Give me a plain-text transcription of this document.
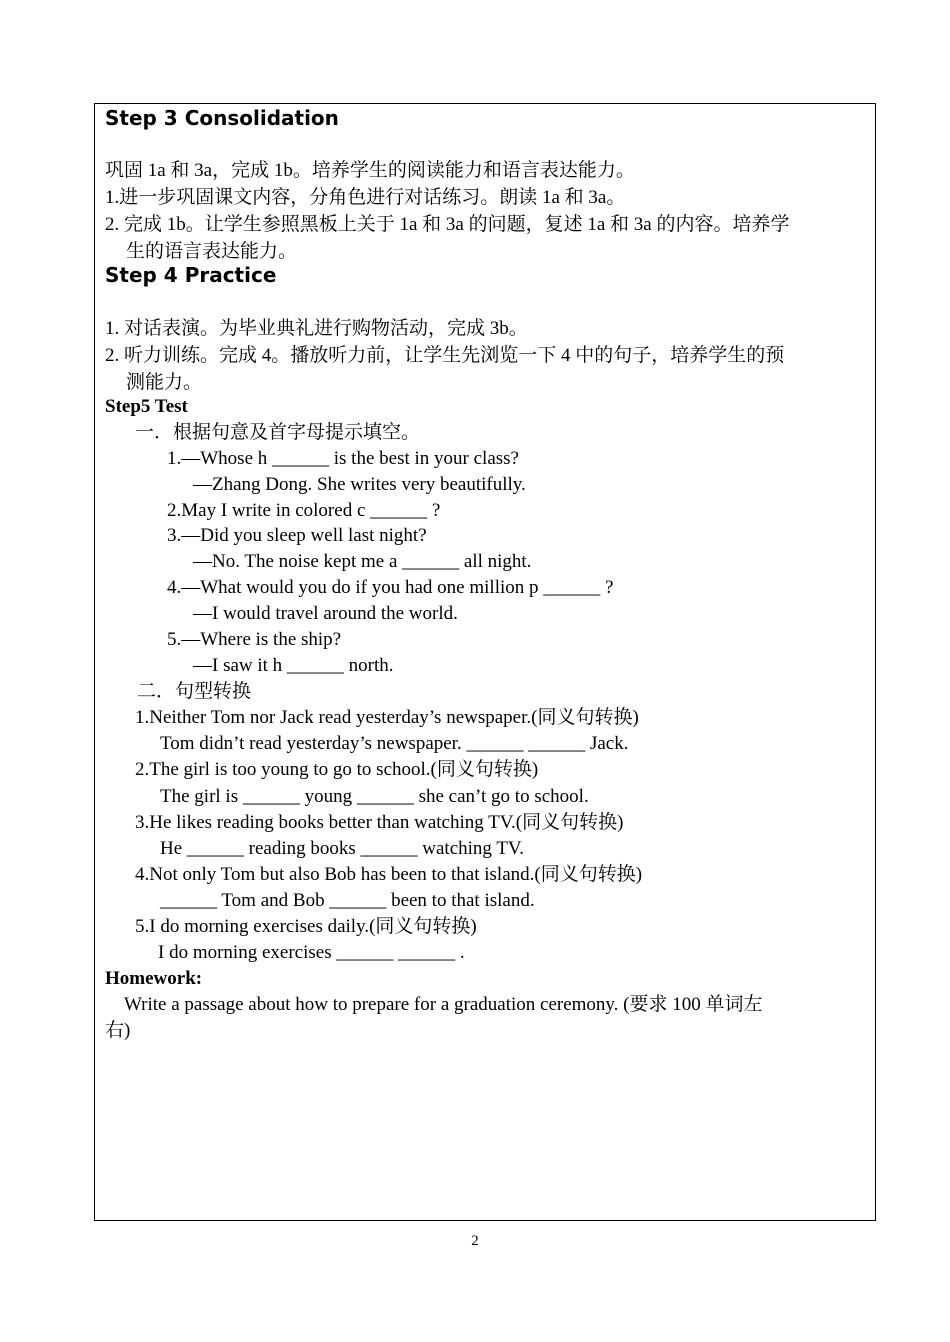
Step 3 Consolidation
巩固 1a 和 3a，完成 1b。培养学生的阅读能力和语言表达能力。
1.进一步巩固课文内容，分角色进行对话练习。朗读 1a 和 3a。
2. 完成 1b。让学生参照黑板上关于 1a 和 3a 的问题，复述 1a 和 3a 的内容。培养学
生的语言表达能力。
Step 4 Practice
1. 对话表演。为毕业典礼进行购物活动，完成 3b。
2. 听力训练。完成 4。播放听力前，让学生先浏览一下 4 中的句子，培养学生的预
测能力。
Step5 Test
一．根据句意及首字母提示填空。
1.—Whose h ______ is the best in your class?
—Zhang Dong. She writes very beautifully.
2.May I write in colored c ______ ?
3.—Did you sleep well last night?
—No. The noise kept me a ______ all night.
4.—What would you do if you had one million p ______ ?
—I would travel around the world.
5.—Where is the ship?
—I saw it h ______ north.
二．句型转换
1.Neither Tom nor Jack read yesterday’s newspaper.(同义句转换)
Tom didn’t read yesterday’s newspaper. ______ ______ Jack.
2.The girl is too young to go to school.(同义句转换)
The girl is ______ young ______ she can’t go to school.
3.He likes reading books better than watching TV.(同义句转换)
He ______ reading books ______ watching TV.
4.Not only Tom but also Bob has been to that island.(同义句转换)
______ Tom and Bob ______ been to that island.
5.I do morning exercises daily.(同义句转换)
I do morning exercises ______ ______ .
Homework:
Write a passage about how to prepare for a graduation ceremony. (要求 100 单词左
右)
2
